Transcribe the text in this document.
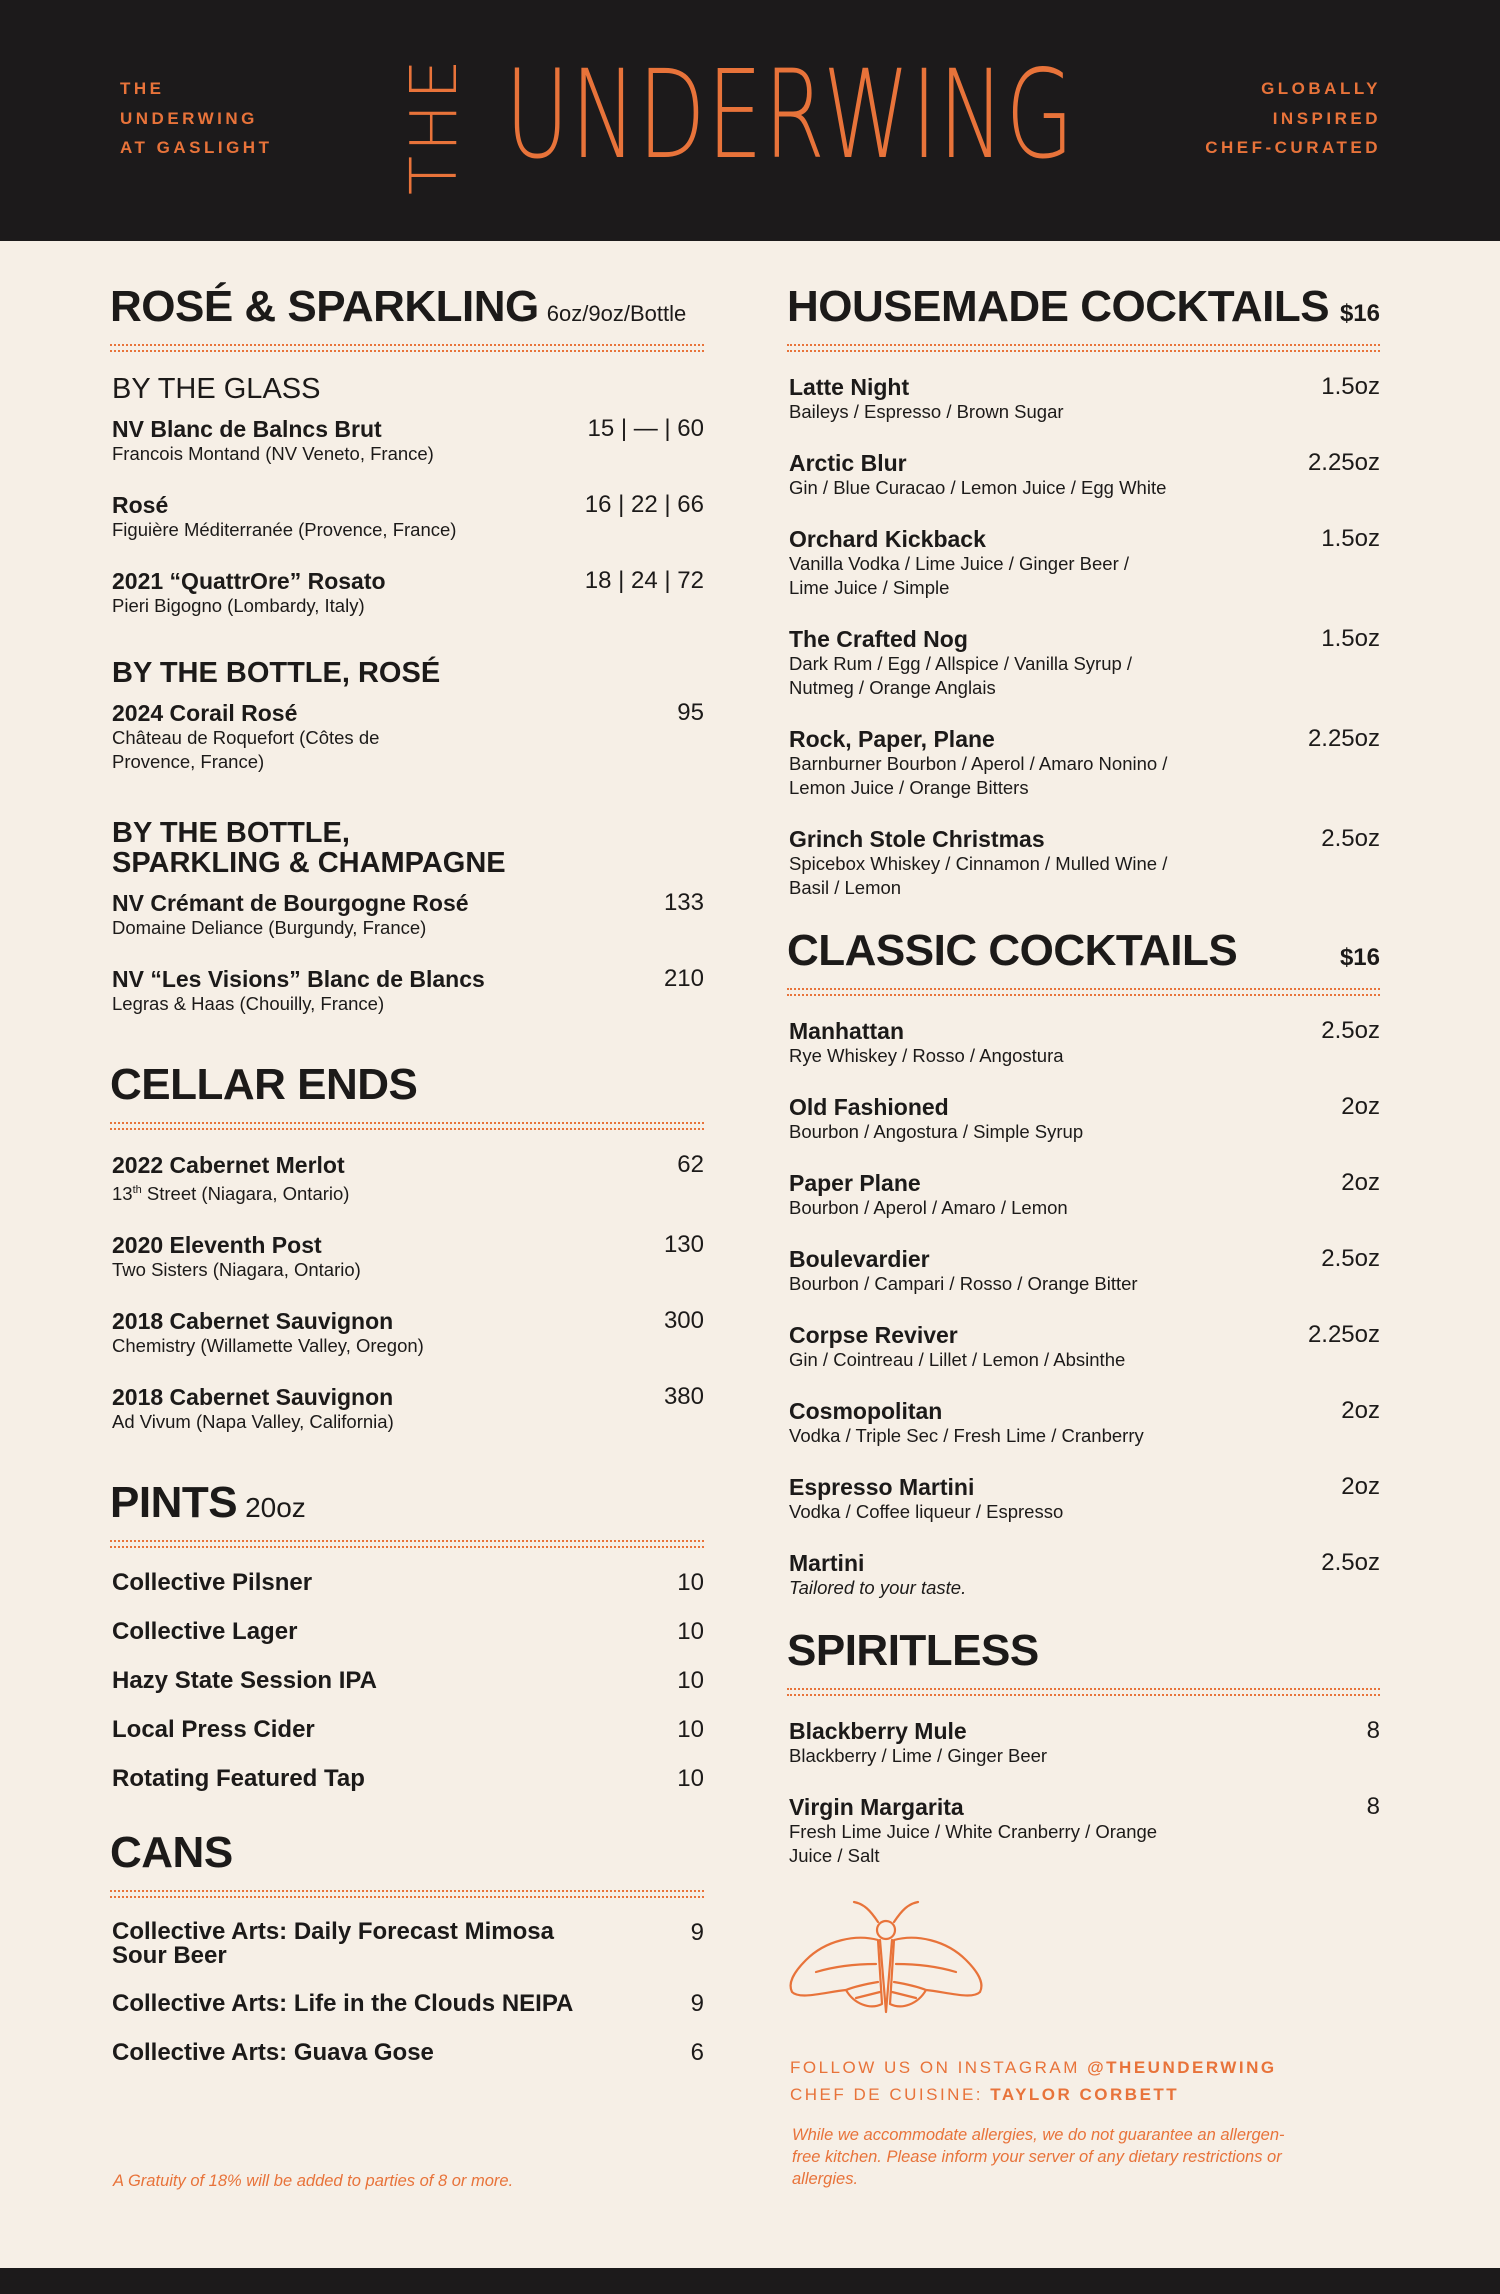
THE
UNDERWING
AT GASLIGHT THE UNDERWING	GLOBALLY
INSPIRED
CHEF-CURATED
ROSÉ & SPARKLING 6oz/9oz/Bottle
BY THE GLASS
NV Blanc de Balncs Brut
Francois Montand (NV Veneto, France)
15 | — | 60
Rosé
Figuière Méditerranée (Provence, France)
16 | 22 | 66
2021 “QuattrOre” Rosato
Pieri Bigogno (Lombardy, Italy)
18 | 24 | 72
BY THE BOTTLE, ROSÉ
2024 Corail Rosé
Château de Roquefort (Côtes de
Provence, France)
95
BY THE BOTTLE,
SPARKLING & CHAMPAGNE
NV Crémant de Bourgogne Rosé
Domaine Deliance (Burgundy, France)
133
NV “Les Visions” Blanc de Blancs
Legras & Haas (Chouilly, France)
210
CELLAR ENDS
2022 Cabernet Merlot
13th Street (Niagara, Ontario)
62
2020 Eleventh Post
Two Sisters (Niagara, Ontario)
130
2018 Cabernet Sauvignon
Chemistry (Willamette Valley, Oregon)
300
2018 Cabernet Sauvignon
Ad Vivum (Napa Valley, California)
380
PINTS 20oz
Collective Pilsner	10
Collective Lager	10
Hazy State Session IPA	10
Local Press Cider	10
Rotating Featured Tap	10
CANS
Collective Arts: Daily Forecast Mimosa
Sour Beer
9
Collective Arts: Life in the Clouds NEIPA	9
Collective Arts: Guava Gose	6
A Gratuity of 18% will be added to parties of 8 or more.
HOUSEMADE COCKTAILS $16
Latte Night
Baileys / Espresso / Brown Sugar
1.5oz
Arctic Blur
Gin / Blue Curacao / Lemon Juice / Egg White
2.25oz
Orchard Kickback
Vanilla Vodka / Lime Juice / Ginger Beer /
Lime Juice / Simple
1.5oz
The Crafted Nog
Dark Rum / Egg / Allspice / Vanilla Syrup /
Nutmeg / Orange Anglais
1.5oz
Rock, Paper, Plane
Barnburner Bourbon / Aperol / Amaro Nonino /
Lemon Juice / Orange Bitters
2.25oz
Grinch Stole Christmas
Spicebox Whiskey / Cinnamon / Mulled Wine /
Basil / Lemon
2.5oz
CLASSIC COCKTAILS	$16
Manhattan
Rye Whiskey / Rosso / Angostura
2.5oz
Old Fashioned
Bourbon / Angostura / Simple Syrup
2oz
Paper Plane
Bourbon / Aperol / Amaro / Lemon
2oz
Boulevardier
Bourbon / Campari / Rosso / Orange Bitter
2.5oz
Corpse Reviver
Gin / Cointreau / Lillet / Lemon / Absinthe
2.25oz
Cosmopolitan
Vodka / Triple Sec / Fresh Lime / Cranberry
2oz
Espresso Martini
Vodka / Coffee liqueur / Espresso
2oz
Martini
Tailored to your taste.
2.5oz
SPIRITLESS
Blackberry Mule
Blackberry / Lime / Ginger Beer
8
Virgin Margarita
Fresh Lime Juice / White Cranberry / Orange
Juice / Salt
8
FOLLOW US ON INSTAGRAM @THEUNDERWING
CHEF DE CUISINE: TAYLOR CORBETT
While we accommodate allergies, we do not guarantee an allergen-free kitchen. Please inform your server of any dietary restrictions or allergies.
